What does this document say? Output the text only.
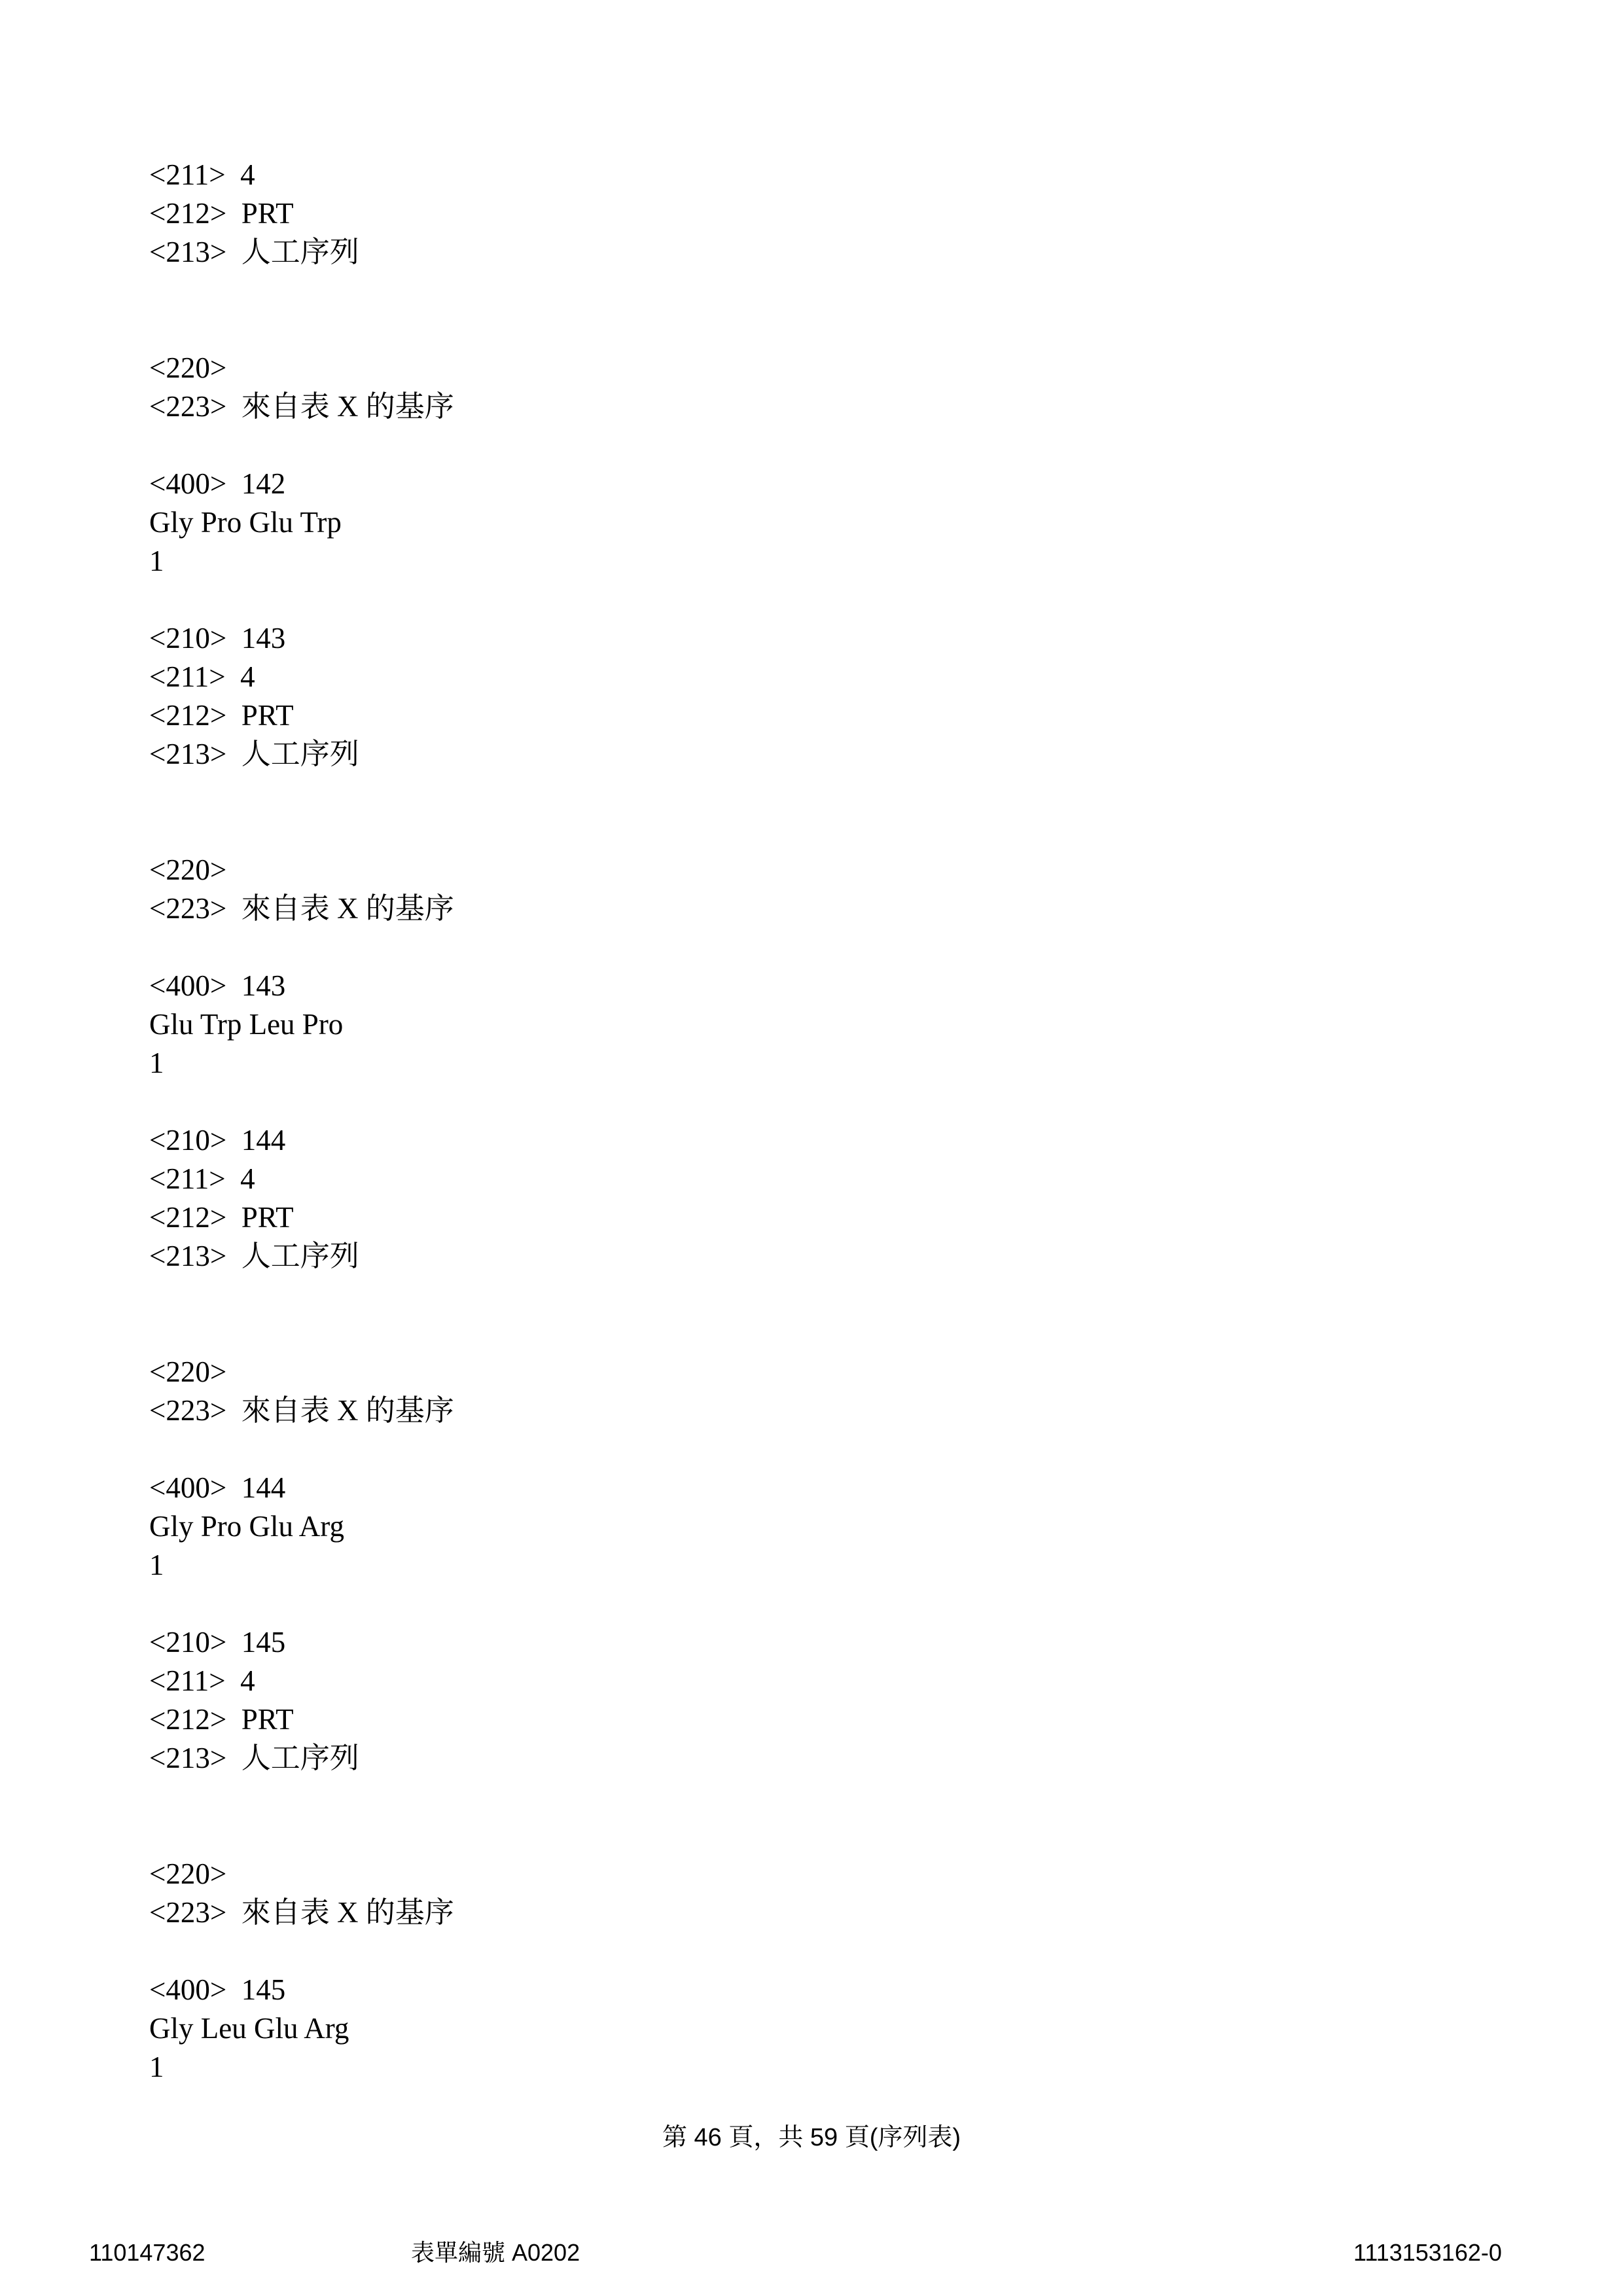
<211>  4
<212>  PRT
<213>  人工序列
<220>
<223>  來自表 X 的基序
<400>  142
Gly Pro Glu Trp
1
<210>  143
<211>  4
<212>  PRT
<213>  人工序列
<220>
<223>  來自表 X 的基序
<400>  143
Glu Trp Leu Pro
1
<210>  144
<211>  4
<212>  PRT
<213>  人工序列
<220>
<223>  來自表 X 的基序
<400>  144
Gly Pro Glu Arg
1
<210>  145
<211>  4
<212>  PRT
<213>  人工序列
<220>
<223>  來自表 X 的基序
<400>  145
Gly Leu Glu Arg
1
第 46 頁，共 59 頁(序列表)
110147362	表單編號 A0202	1113153162-0
